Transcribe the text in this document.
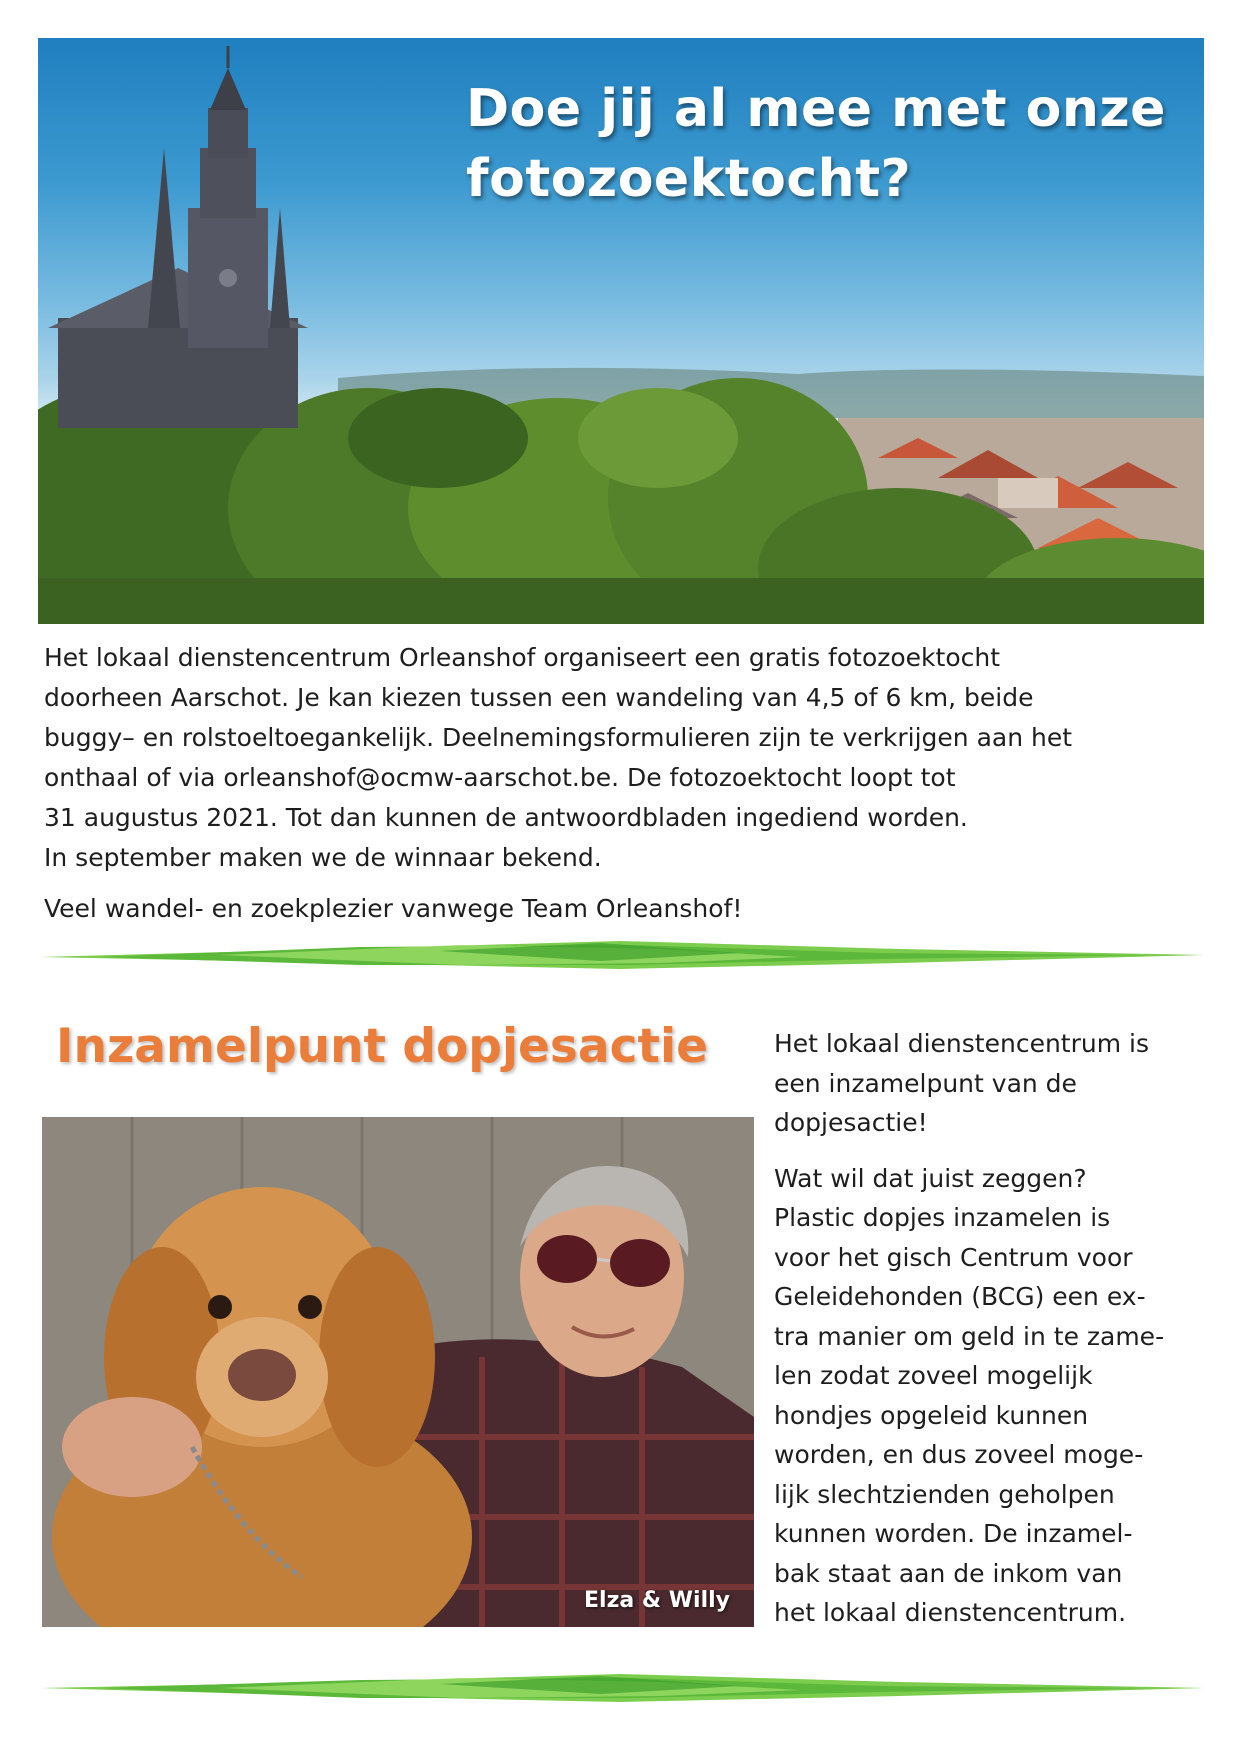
Doe jij al mee met onze
fotozoektocht?

Het lokaal dienstencentrum Orleanshof organiseert een gratis fotozoektocht

doorheen Aarschot. Je kan kiezen tussen een wandeling van 4,5 of 6 km, beide

buggy– en rolstoeltoegankelijk. Deelnemingsformulieren zijn te verkrijgen aan het

onthaal of via orleanshof@ocmw-aarschot.be. De fotozoektocht loopt tot

31 augustus 2021. Tot dan kunnen de antwoordbladen ingediend worden.

In september maken we de winnaar bekend.

Veel wandel- en zoekplezier vanwege Team Orleanshof!

Inzamelpunt dopjesactie
Elza & Willy

Het lokaal dienstencentrum is

een inzamelpunt van de

dopjesactie!

Wat wil dat juist zeggen?

Plastic dopjes inzamelen is

voor het gisch Centrum voor

Geleidehonden (BCG) een ex-

tra manier om geld in te zame-

len zodat zoveel mogelijk

hondjes opgeleid kunnen

worden, en dus zoveel moge-

lijk slechtzienden geholpen

kunnen worden. De inzamel-

bak staat aan de inkom van

het lokaal dienstencentrum.
